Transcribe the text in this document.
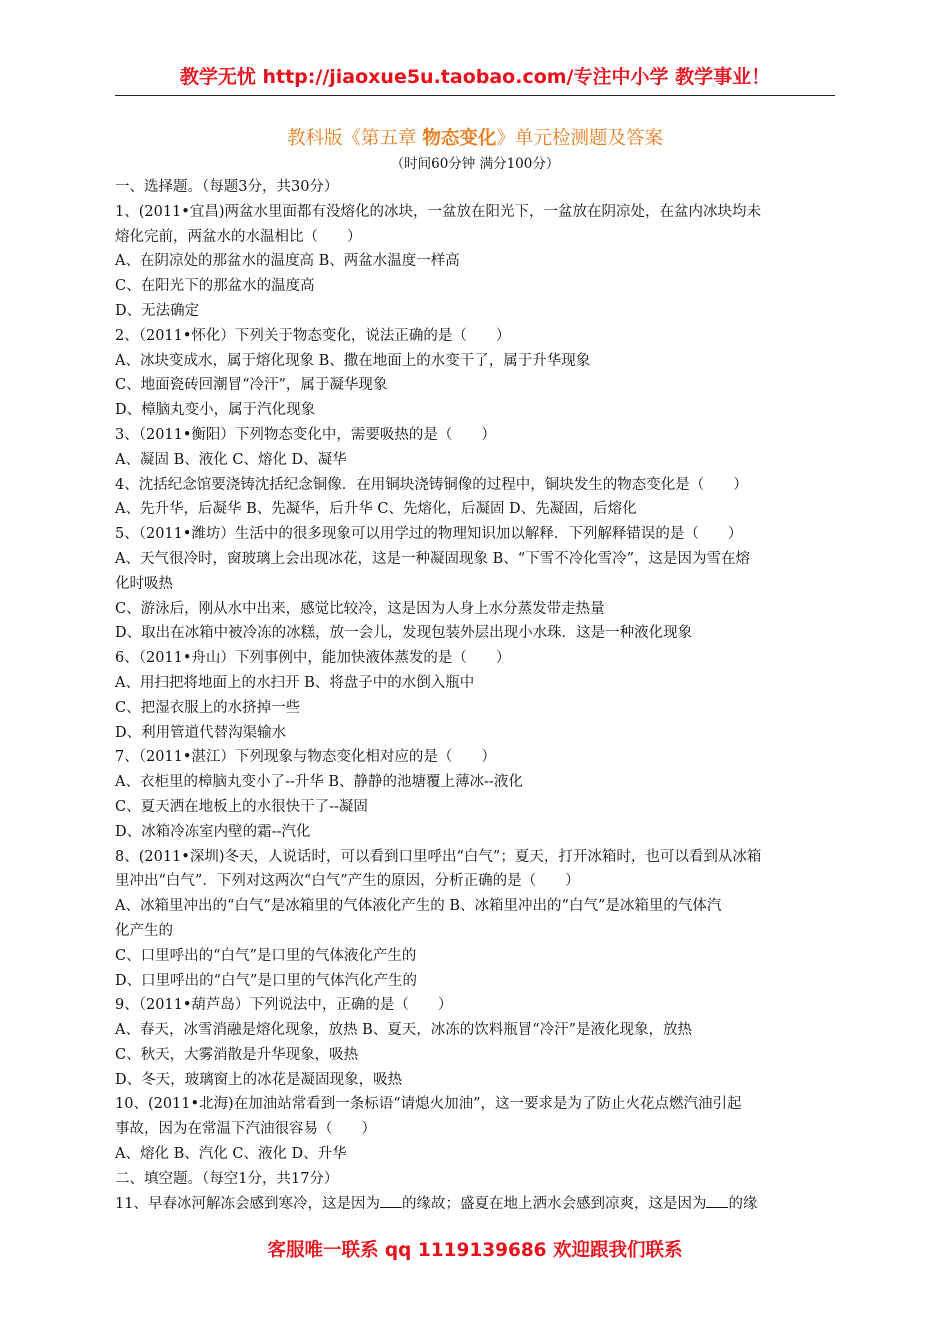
教学无忧 http://jiaoxue5u.taobao.com/专注中小学 教学事业！
教科版《第五章 物态变化》单元检测题及答案
（时间60分钟 满分100分）
一、选择题。（每题3分，共30分）
1、(2011•宜昌)两盆水里面都有没熔化的冰块，一盆放在阳光下，一盆放在阴凉处，在盆内冰块均未
熔化完前，两盆水的水温相比（　　）
A、在阴凉处的那盆水的温度高 B、两盆水温度一样高
C、在阳光下的那盆水的温度高
D、无法确定
2、（2011•怀化）下列关于物态变化，说法正确的是（　　）
A、冰块变成水，属于熔化现象 B、撒在地面上的水变干了，属于升华现象
C、地面瓷砖回潮冒“冷汗”，属于凝华现象
D、樟脑丸变小，属于汽化现象
3、（2011•衡阳）下列物态变化中，需要吸热的是（　　）
A、凝固 B、液化 C、熔化 D、凝华
4、沈括纪念馆要浇铸沈括纪念铜像．在用铜块浇铸铜像的过程中，铜块发生的物态变化是（　　）
A、先升华，后凝华 B、先凝华，后升华 C、先熔化，后凝固 D、先凝固，后熔化
5、（2011•潍坊）生活中的很多现象可以用学过的物理知识加以解释．下列解释错误的是（　　）
A、天气很冷时，窗玻璃上会出现冰花，这是一种凝固现象 B、“下雪不冷化雪冷”，这是因为雪在熔
化时吸热
C、游泳后，刚从水中出来，感觉比较冷，这是因为人身上水分蒸发带走热量
D、取出在冰箱中被冷冻的冰糕，放一会儿，发现包装外层出现小水珠．这是一种液化现象
6、（2011•舟山）下列事例中，能加快液体蒸发的是（　　）
A、用扫把将地面上的水扫开 B、将盘子中的水倒入瓶中
C、把湿衣服上的水挤掉一些
D、利用管道代替沟渠输水
7、（2011•湛江）下列现象与物态变化相对应的是（　　）
A、衣柜里的樟脑丸变小了--升华 B、静静的池塘覆上薄冰--液化
C、夏天洒在地板上的水很快干了--凝固
D、冰箱冷冻室内壁的霜--汽化
8、(2011•深圳)冬天，人说话时，可以看到口里呼出“白气”；夏天，打开冰箱时，也可以看到从冰箱
里冲出“白气”．下列对这两次“白气”产生的原因，分析正确的是（　　）
A、冰箱里冲出的“白气”是冰箱里的气体液化产生的 B、冰箱里冲出的“白气”是冰箱里的气体汽
化产生的
C、口里呼出的“白气”是口里的气体液化产生的
D、口里呼出的“白气”是口里的气体汽化产生的
9、（2011•葫芦岛）下列说法中，正确的是（　　）
A、春天，冰雪消融是熔化现象，放热 B、夏天，冰冻的饮料瓶冒“冷汗”是液化现象，放热
C、秋天，大雾消散是升华现象，吸热
D、冬天，玻璃窗上的冰花是凝固现象，吸热
10、(2011•北海)在加油站常看到一条标语“请熄火加油”，这一要求是为了防止火花点燃汽油引起
事故，因为在常温下汽油很容易（　　）
A、熔化 B、汽化 C、液化 D、升华
二、填空题。（每空1分，共17分）
11、早春冰河解冻会感到寒冷，这是因为 的缘故；盛夏在地上洒水会感到凉爽，这是因为 的缘
客服唯一联系 qq 1119139686 欢迎跟我们联系
